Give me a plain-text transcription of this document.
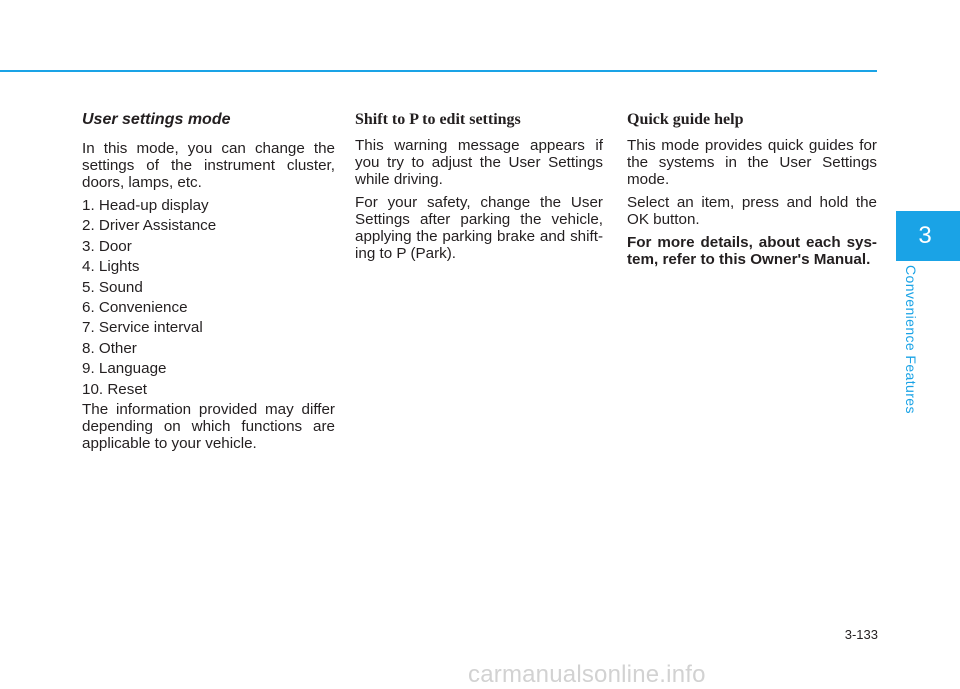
User settings mode

In this mode, you can change the settings of the instrument cluster, doors, lamps, etc.

1. Head-up display
2. Driver Assistance
3. Door
4. Lights
5. Sound
6. Convenience
7. Service interval
8. Other
9. Language
10. Reset

The information provided may differ depending on which functions are applicable to your vehicle.

Shift to P to edit settings

This warning message appears if you try to adjust the User Settings while driving.

For your safety, change the User Settings after parking the vehicle, applying the parking brake and shift-ing to P (Park).

Quick guide help

This mode provides quick guides for the systems in the User Settings mode.

Select an item, press and hold the OK button.

For more details, about each sys-tem, refer to this Owner's Manual.

3
Convenience Features
3-133
carmanualsonline.info
